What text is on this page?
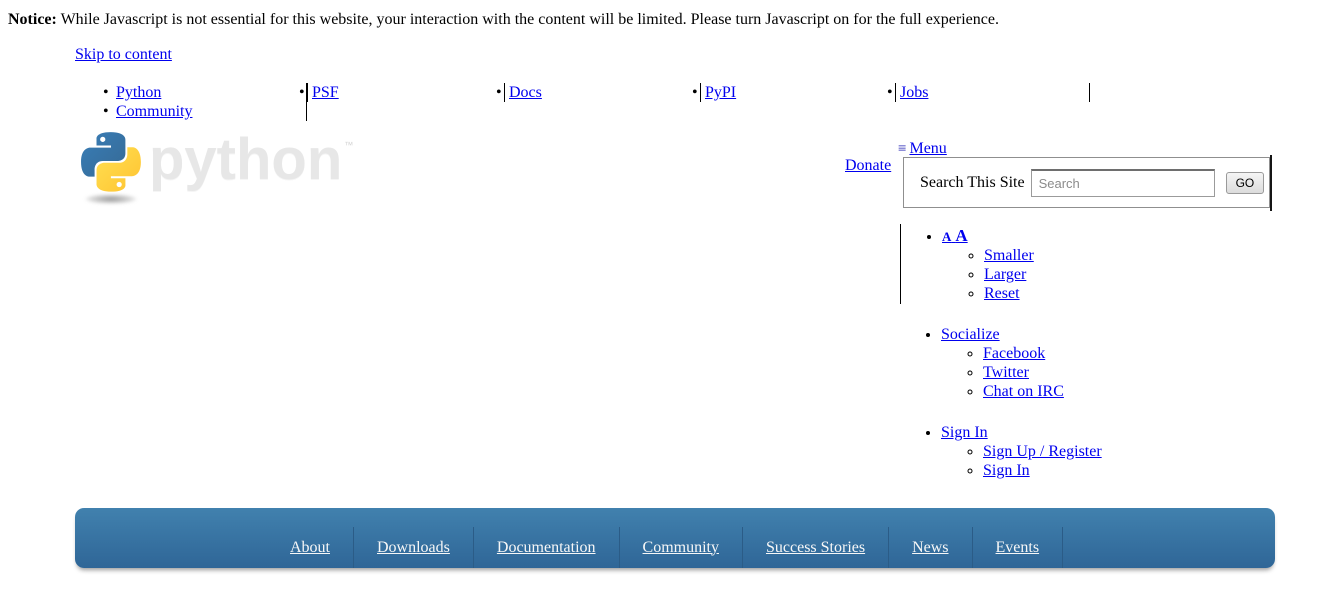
Notice: While Javascript is not essential for this website, your interaction with the content will be limited. Please turn Javascript on for the full experience.

Skip to content
• Python
• Community
• PSF	• Docs	• PyPI	• Jobs
python ™
Donate
≡ Menu
Search This Site
Search	GO
• A A
◦ Smaller
◦ Larger
◦ Reset
• Socialize
◦ Facebook
◦ Twitter
◦ Chat on IRC
• Sign In
◦ Sign Up / Register
◦ Sign In
About	Downloads	Documentation	Community	Success Stories	News	Events
